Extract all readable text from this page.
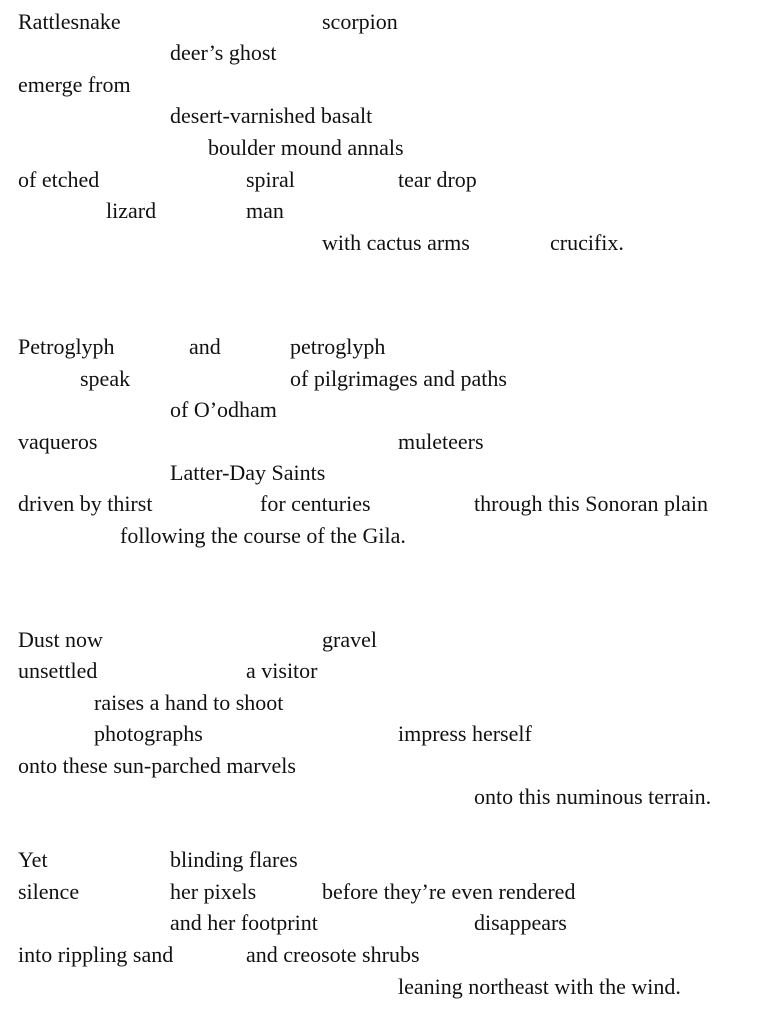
Rattlesnake	scorpion
deer’s ghost
emerge from
desert-varnished basalt
boulder mound annals
of etched	spiral	tear drop
lizard	man
with cactus arms	crucifix.
Petroglyph	and	petroglyph
speak	of pilgrimages and paths
of O’odham
vaqueros	muleteers
Latter-Day Saints
driven by thirst	for centuries	through this Sonoran plain
following the course of the Gila.
Dust now	gravel
unsettled	a visitor
raises a hand to shoot
photographs	impress herself
onto these sun-parched marvels
onto this numinous terrain.
Yet	blinding flares
silence	her pixels	before they’re even rendered
and her footprint	disappears
into rippling sand	and creosote shrubs
leaning northeast with the wind.
